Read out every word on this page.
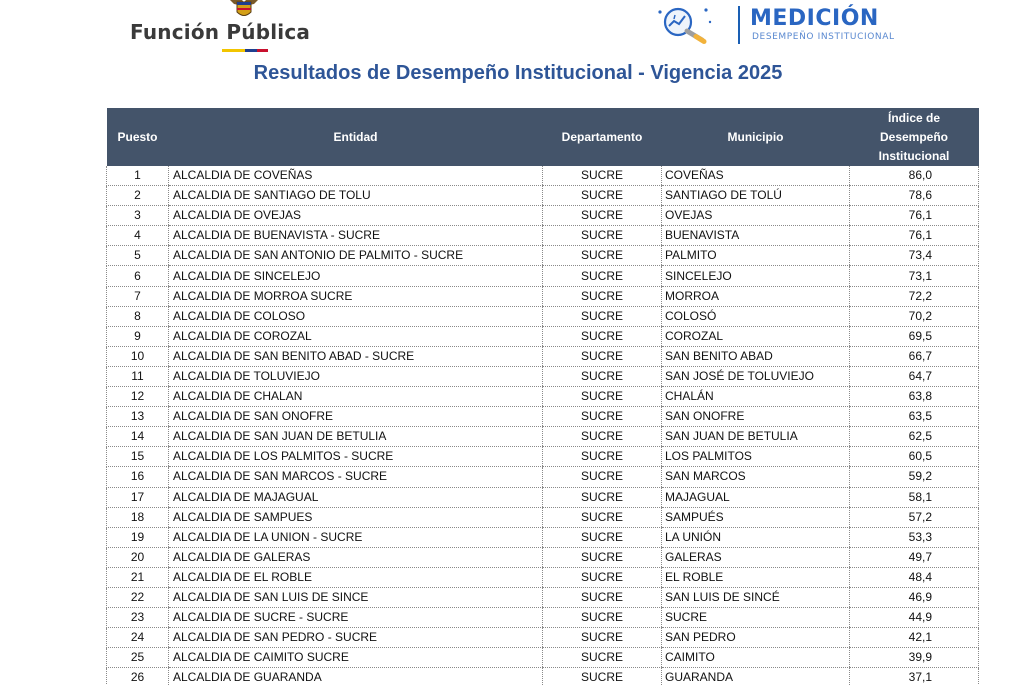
Función Pública
MEDICIÓN
DESEMPEÑO INSTITUCIONAL
Resultados de Desempeño Institucional - Vigencia 2025
Puesto	Entidad	Departamento	Municipio	Índice de
Desempeño
Institucional
1	ALCALDIA DE COVEÑAS	SUCRE	COVEÑAS	86,0
2	ALCALDIA DE SANTIAGO DE TOLU	SUCRE	SANTIAGO DE TOLÚ	78,6
3	ALCALDIA DE OVEJAS	SUCRE	OVEJAS	76,1
4	ALCALDIA DE BUENAVISTA - SUCRE	SUCRE	BUENAVISTA	76,1
5	ALCALDIA DE SAN ANTONIO DE PALMITO - SUCRE	SUCRE	PALMITO	73,4
6	ALCALDIA DE SINCELEJO	SUCRE	SINCELEJO	73,1
7	ALCALDIA DE MORROA SUCRE	SUCRE	MORROA	72,2
8	ALCALDIA DE COLOSO	SUCRE	COLOSÓ	70,2
9	ALCALDIA DE COROZAL	SUCRE	COROZAL	69,5
10	ALCALDIA DE SAN BENITO ABAD - SUCRE	SUCRE	SAN BENITO ABAD	66,7
11	ALCALDIA DE TOLUVIEJO	SUCRE	SAN JOSÉ DE TOLUVIEJO	64,7
12	ALCALDIA DE CHALAN	SUCRE	CHALÁN	63,8
13	ALCALDIA DE SAN ONOFRE	SUCRE	SAN ONOFRE	63,5
14	ALCALDIA DE SAN JUAN DE BETULIA	SUCRE	SAN JUAN DE BETULIA	62,5
15	ALCALDIA DE LOS PALMITOS - SUCRE	SUCRE	LOS PALMITOS	60,5
16	ALCALDIA DE SAN MARCOS - SUCRE	SUCRE	SAN MARCOS	59,2
17	ALCALDIA DE MAJAGUAL	SUCRE	MAJAGUAL	58,1
18	ALCALDIA DE SAMPUES	SUCRE	SAMPUÉS	57,2
19	ALCALDIA DE LA UNION - SUCRE	SUCRE	LA UNIÓN	53,3
20	ALCALDIA DE GALERAS	SUCRE	GALERAS	49,7
21	ALCALDIA DE EL ROBLE	SUCRE	EL ROBLE	48,4
22	ALCALDIA DE SAN LUIS DE SINCE	SUCRE	SAN LUIS DE SINCÉ	46,9
23	ALCALDIA DE SUCRE - SUCRE	SUCRE	SUCRE	44,9
24	ALCALDIA DE SAN PEDRO - SUCRE	SUCRE	SAN PEDRO	42,1
25	ALCALDIA DE CAIMITO SUCRE	SUCRE	CAIMITO	39,9
26	ALCALDIA DE GUARANDA	SUCRE	GUARANDA	37,1
